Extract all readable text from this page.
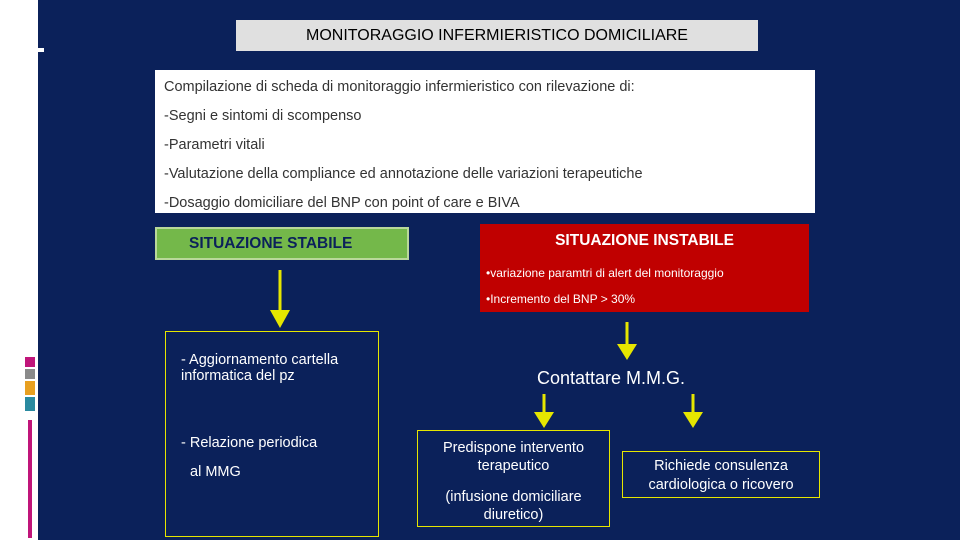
MONITORAGGIO INFERMIERISTICO DOMICILIARE
Compilazione di scheda di monitoraggio infermieristico con rilevazione di:
-Segni e sintomi di scompenso
-Parametri vitali
-Valutazione della compliance ed annotazione delle variazioni terapeutiche
-Dosaggio domiciliare del BNP con point of care e BIVA
SITUAZIONE STABILE	SITUAZIONE INSTABILE
•variazione paramtri di alert del monitoraggio
•Incremento del BNP > 30%
- Aggiornamento cartella informatica del pz
- Relazione periodica
al MMG
Contattare M.M.G.
Predispone intervento terapeutico
(infusione domiciliare diuretico)
Richiede consulenza cardiologica o ricovero
